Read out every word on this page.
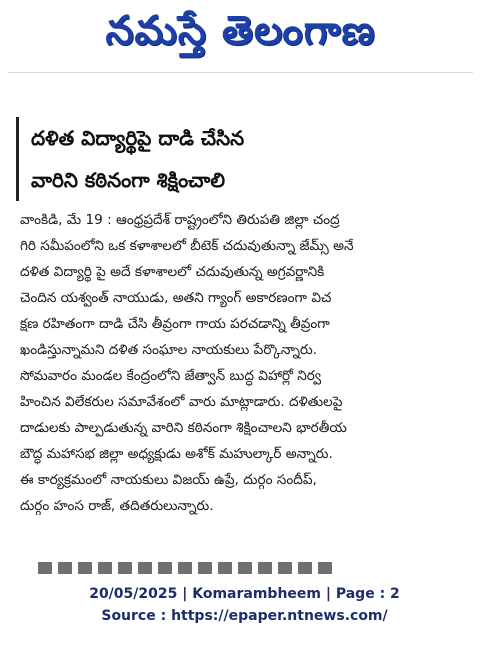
నమస్తే తెలంగాణ
దళిత విద్యార్థిపై దాడి చేసిన
వారిని కఠినంగా శిక్షించాలి
వాంకిడి, మే 19 : ఆంధ్రప్రదేశ్ రాష్ట్రంలోని తిరుపతి జిల్లా చంద్ర
గిరి సమీపంలోని ఒక కళాశాలలో బీటెక్ చదువుతున్నా జేమ్స్ అనే
దళిత విద్యార్థి పై అదే కళాశాలలో చదువుతున్న అగ్రవర్ణానికి
చెందిన యశ్వంత్ నాయుడు, అతని గ్యాంగ్ అకారణంగా విచ
క్షణ రహితంగా దాడి చేసి తీవ్రంగా గాయ పరచడాన్ని తీవ్రంగా
ఖండిస్తున్నామని దళిత సంఘాల నాయకులు పేర్కొన్నారు.
సోమవారం మండల కేంద్రంలోని జేత్వాన్ బుద్ధ విహార్లో నిర్వ
హించిన విలేకరుల సమావేశంలో వారు మాట్లాడారు. దళితులపై
దాడులకు పాల్పడుతున్న వారిని కఠినంగా శిక్షించాలని భారతీయ
బౌద్ధ మహాసభ జిల్లా అధ్యక్షుడు అశోక్ మహుల్కార్ అన్నారు.
ఈ కార్యక్రమంలో నాయకులు విజయ్ ఉప్రే, దుర్గం సందీప్,
దుర్గం హంస రాజ్, తదితరులున్నారు.
20/05/2025 | Komarambheem | Page : 2
Source : https://epaper.ntnews.com/
